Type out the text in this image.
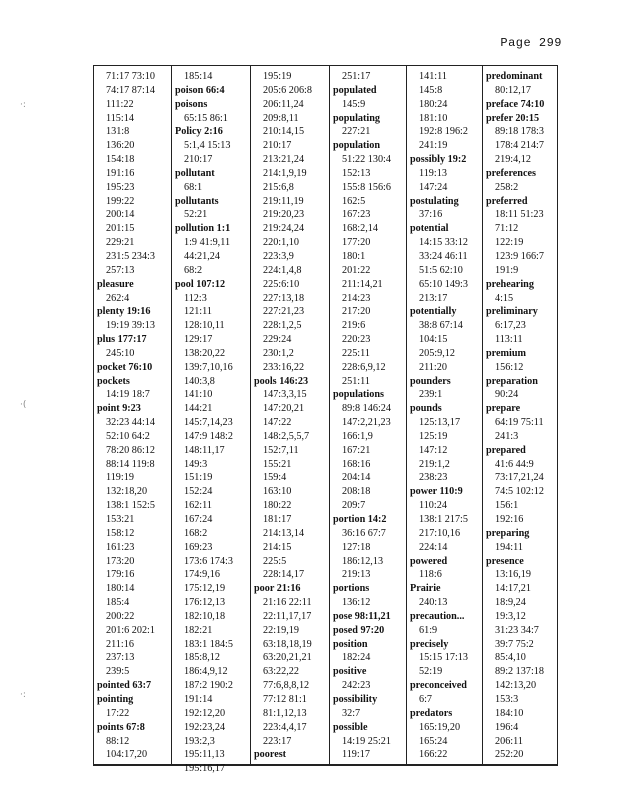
Page 299
·:
·(
·:
71:17 73:10
74:17 87:14
111:22
115:14
131:8
136:20
154:18
191:16
195:23
199:22
200:14
201:15
229:21
231:5 234:3
257:13
pleasure
262:4
plenty 19:16
19:19 39:13
plus 177:17
245:10
pocket 76:10
pockets
14:19 18:7
point 9:23
32:23 44:14
52:10 64:2
78:20 86:12
88:14 119:8
119:19
132:18,20
138:1 152:5
153:21
158:12
161:23
173:20
179:16
180:14
185:4
200:22
201:6 202:1
211:16
237:13
239:5
pointed 63:7
pointing
17:22
points 67:8
88:12
104:17,20
185:14
poison 66:4
poisons
65:15 86:1
Policy 2:16
5:1,4 15:13
210:17
pollutant
68:1
pollutants
52:21
pollution 1:1
1:9 41:9,11
44:21,24
68:2
pool 107:12
112:3
121:11
128:10,11
129:17
138:20,22
139:7,10,16
140:3,8
141:10
144:21
145:7,14,23
147:9 148:2
148:11,17
149:3
151:19
152:24
162:11
167:24
168:2
169:23
173:6 174:3
174:9,16
175:12,19
176:12,13
182:10,18
182:21
183:1 184:5
185:8,12
186:4,9,12
187:2 190:2
191:14
192:12,20
192:23,24
193:2,3
195:11,13
195:16,17
195:19
205:6 206:8
206:11,24
209:8,11
210:14,15
210:17
213:21,24
214:1,9,19
215:6,8
219:11,19
219:20,23
219:24,24
220:1,10
223:3,9
224:1,4,8
225:6:10
227:13,18
227:21,23
228:1,2,5
229:24
230:1,2
233:16,22
pools 146:23
147:3,3,15
147:20,21
147:22
148:2,5,5,7
152:7,11
155:21
159:4
163:10
180:22
181:17
214:13,14
214:15
225:5
228:14,17
poor 21:16
21:16 22:11
22:11,17,17
22:19,19
63:18,18,19
63:20,21,21
63:22,22
77:6,8,8,12
77:12 81:1
81:1,12,13
223:4,4,17
223:17
poorest
251:17
populated
145:9
populating
227:21
population
51:22 130:4
152:13
155:8 156:6
162:5
167:23
168:2,14
177:20
180:1
201:22
211:14,21
214:23
217:20
219:6
220:23
225:11
228:6,9,12
251:11
populations
89:8 146:24
147:2,21,23
166:1,9
167:21
168:16
204:14
208:18
209:7
portion 14:2
36:16 67:7
127:18
186:12,13
219:13
portions
136:12
pose 98:11,21
posed 97:20
position
182:24
positive
242:23
possibility
32:7
possible
14:19 25:21
119:17
141:11
145:8
180:24
181:10
192:8 196:2
241:19
possibly 19:2
119:13
147:24
postulating
37:16
potential
14:15 33:12
33:24 46:11
51:5 62:10
65:10 149:3
213:17
potentially
38:8 67:14
104:15
205:9,12
211:20
pounders
239:1
pounds
125:13,17
125:19
147:12
219:1,2
238:23
power 110:9
110:24
138:1 217:5
217:10,16
224:14
powered
118:6
Prairie
240:13
precaution...
61:9
precisely
15:15 17:13
52:19
preconceived
6:7
predators
165:19,20
165:24
166:22
predominant
80:12,17
preface 74:10
prefer 20:15
89:18 178:3
178:4 214:7
219:4,12
preferences
258:2
preferred
18:11 51:23
71:12
122:19
123:9 166:7
191:9
prehearing
4:15
preliminary
6:17,23
113:11
premium
156:12
preparation
90:24
prepare
64:19 75:11
241:3
prepared
41:6 44:9
73:17,21,24
74:5 102:12
156:1
192:16
preparing
194:11
presence
13:16,19
14:17,21
18:9,24
19:3,12
31:23 34:7
39:7 75:2
85:4,10
89:2 137:18
142:13,20
153:3
184:10
196:4
206:11
252:20
